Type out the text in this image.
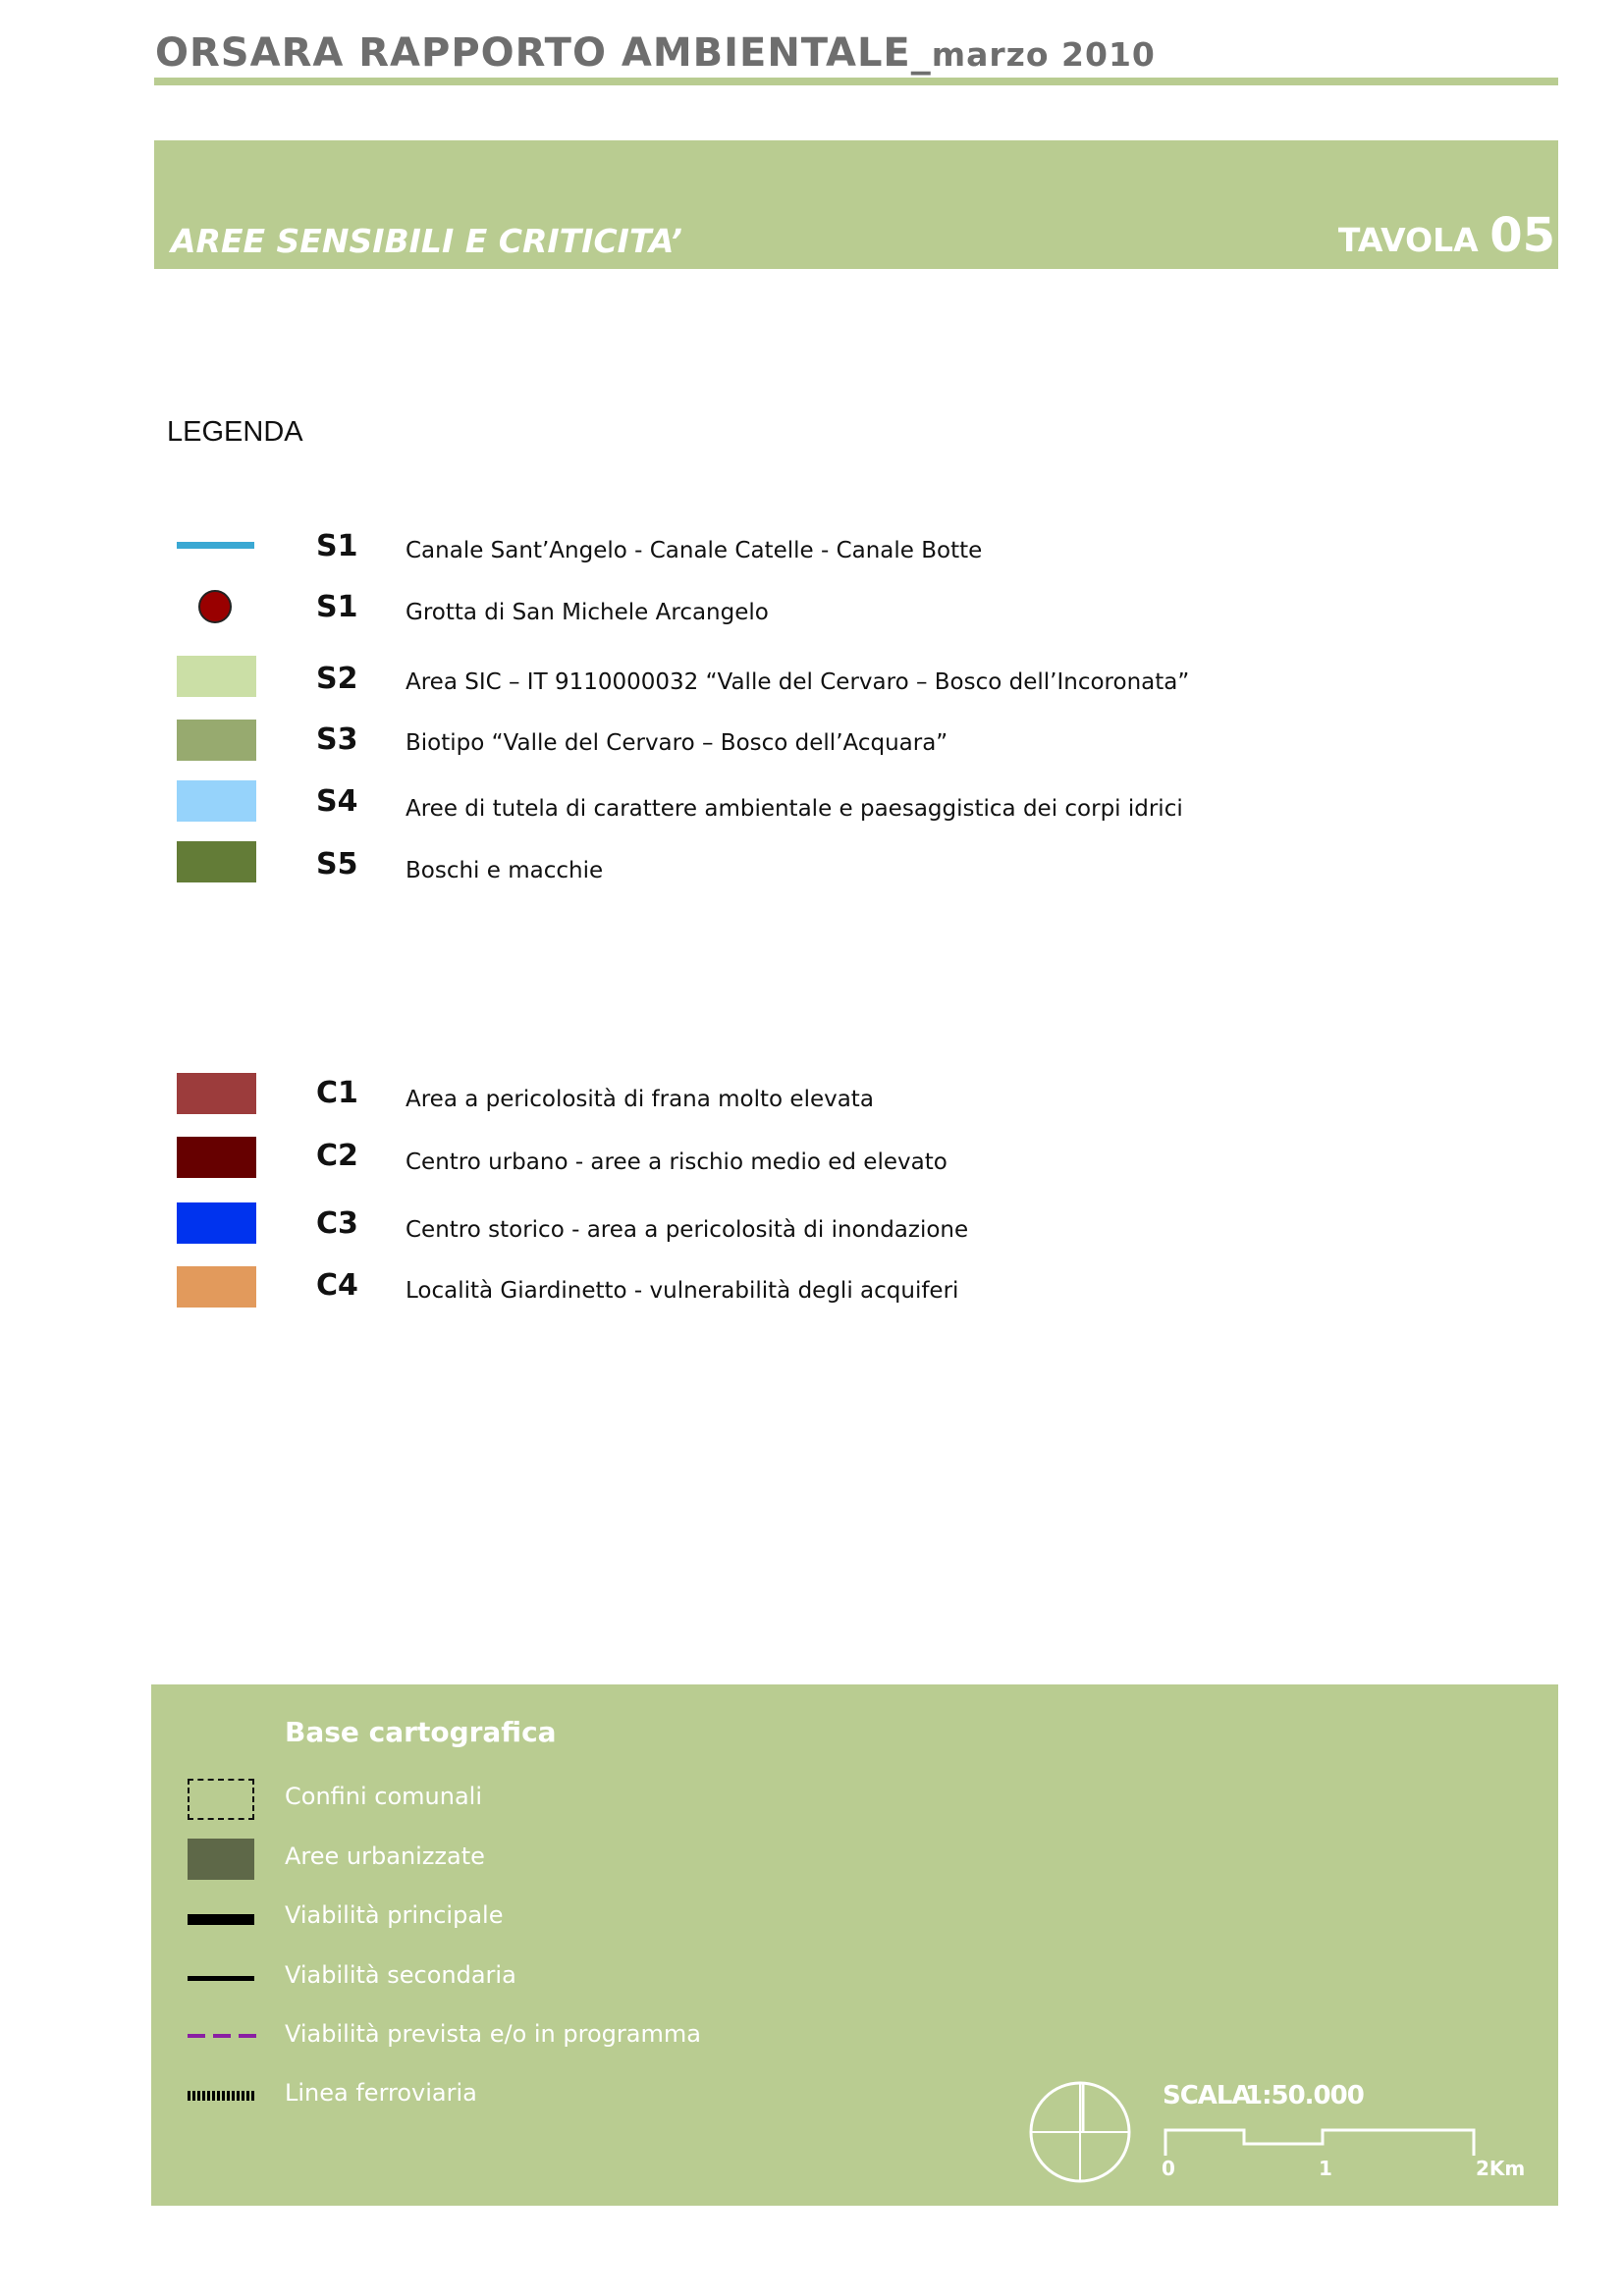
ORSARA RAPPORTO AMBIENTALE_marzo 2010
AREE SENSIBILI E CRITICITA’	TAVOLA 05
LEGENDA
S1 Canale Sant’Angelo - Canale Catelle - Canale Botte
S1 Grotta di San Michele Arcangelo
S2 Area SIC – IT 9110000032 “Valle del Cervaro – Bosco dell’Incoronata”
S3 Biotipo “Valle del Cervaro – Bosco dell’Acquara”
S4 Aree di tutela di carattere ambientale e paesaggistica dei corpi idrici
S5 Boschi e macchie
C1 Area a pericolosità di frana molto elevata
C2 Centro urbano - aree a rischio medio ed elevato
C3 Centro storico - area a pericolosità di inondazione
C4 Località Giardinetto - vulnerabilità degli acquiferi
Base cartografica
Confini comunali
Aree urbanizzate
Viabilità principale
Viabilità secondaria
Viabilità prevista e/o in programma
Linea ferroviaria	SCALA
1:50.000
0	1	2Km
